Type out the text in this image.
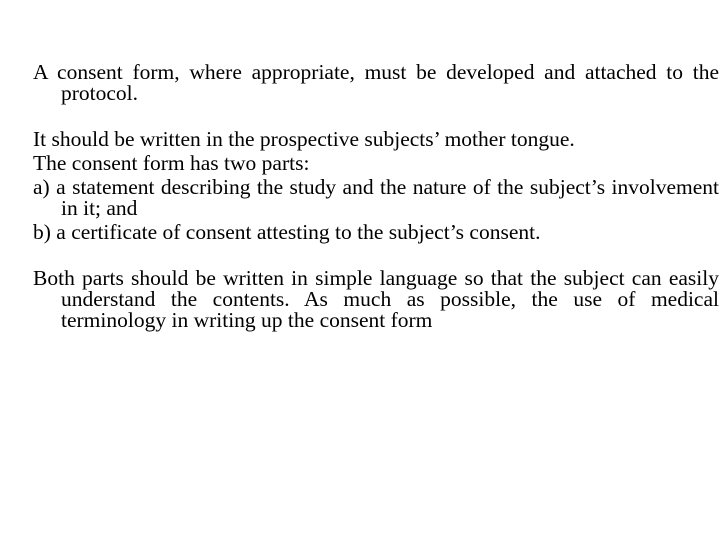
A consent form, where appropriate, must be developed and attached to the protocol.

It should be written in the prospective subjects’ mother tongue.

The consent form has two parts:

a) a statement describing the study and the nature of the subject’s involvement in it; and

b) a certificate of consent attesting to the subject’s consent.

Both parts should be written in simple language so that the subject can easily understand the contents. As much as possible, the use of medical terminology in writing up the consent form
